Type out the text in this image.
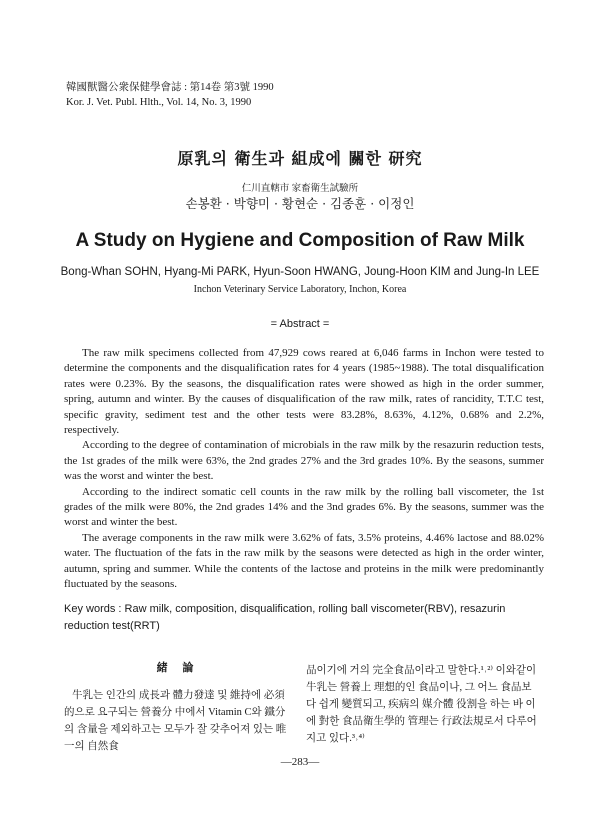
韓國獸醫公衆保健學會誌 : 第14卷 第3號 1990
Kor. J. Vet. Publ. Hlth., Vol. 14, No. 3, 1990
原乳의 衛生과 組成에 關한 研究
仁川直轄市 家畜衛生試驗所
손봉환 · 박향미 · 황현순 · 김종훈 · 이정인
A Study on Hygiene and Composition of Raw Milk
Bong-Whan SOHN, Hyang-Mi PARK, Hyun-Soon HWANG, Joung-Hoon KIM and Jung-In LEE
Inchon Veterinary Service Laboratory, Inchon, Korea
= Abstract =

The raw milk specimens collected from 47,929 cows reared at 6,046 farms in Inchon were tested to determine the components and the disqualification rates for 4 years (1985~1988). The total disqualification rates were 0.23%. By the seasons, the disqualification rates were showed as high in the order summer, spring, autumn and winter. By the causes of disqualification of the raw milk, rates of rancidity, T.T.C test, specific gravity, sediment test and the other tests were 83.28%, 8.63%, 4.12%, 0.68% and 2.2%, respectively.

According to the degree of contamination of microbials in the raw milk by the resazurin reduction tests, the 1st grades of the milk were 63%, the 2nd grades 27% and the 3rd grades 10%. By the seasons, summer was the worst and winter the best.

According to the indirect somatic cell counts in the raw milk by the rolling ball viscometer, the 1st grades of the milk were 80%, the 2nd grades 14% and the 3nd grades 6%. By the seasons, summer was the worst and winter the best.

The average components in the raw milk were 3.62% of fats, 3.5% proteins, 4.46% lactose and 88.02% water. The fluctuation of the fats in the raw milk by the seasons were detected as high in the order winter, autumn, spring and summer. While the contents of the lactose and proteins in the milk were predominantly fluctuated by the seasons.

Key words : Raw milk, composition, disqualification, rolling ball viscometer(RBV), resazurin reduction test(RRT)
緒 論

牛乳는 인간의 成長과 體力發達 및 維持에 必須的으로 요구되는 營養分 中에서 Vitamin C와 鐵分의 含量을 제외하고는 모두가 잘 갖추어져 있는 唯一의 自然食

品이기에 거의 完全食品이라고 말한다.¹˒²⁾ 이와같이 牛乳는 營養上 理想的인 食品이나, 그 어느 食品보다 쉽게 變質되고, 疾病의 媒介體 役割을 하는 바 이에 對한 食品衛生學的 管理는 行政法規로서 다루어지고 있다.³˒⁴⁾

—283—
